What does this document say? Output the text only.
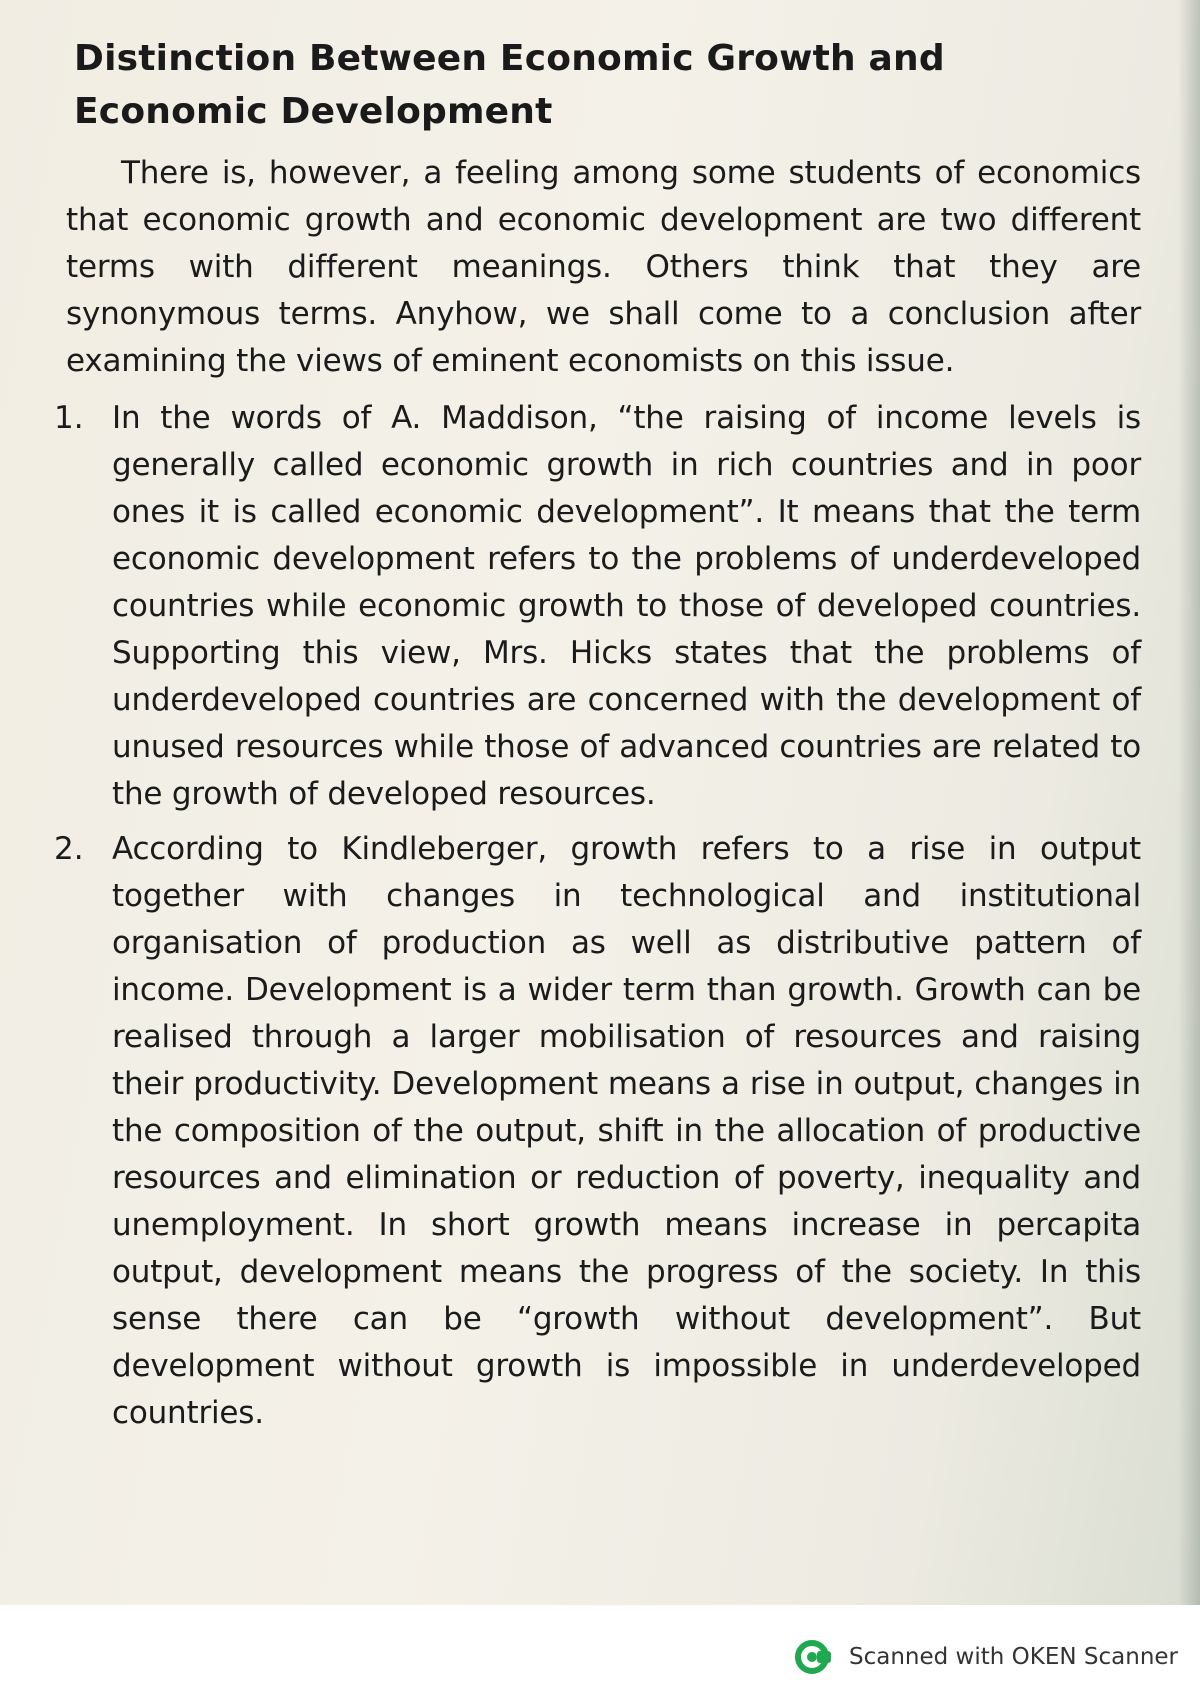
Distinction Between Economic Growth and Economic Development

There is, however, a feeling among some students of economics that economic growth and economic development are two different terms with different meanings. Others think that they are synonymous terms. Anyhow, we shall come to a conclusion after examining the views of eminent economists on this issue.

1. In the words of A. Maddison, “the raising of income levels is generally called economic growth in rich countries and in poor ones it is called economic development”. It means that the term economic development refers to the problems of underdeveloped countries while economic growth to those of developed countries. Supporting this view, Mrs. Hicks states that the problems of underdeveloped countries are concerned with the development of unused resources while those of advanced countries are related to the growth of developed resources.

2. According to Kindleberger, growth refers to a rise in output together with changes in technological and institutional organisation of production as well as distributive pattern of income. Development is a wider term than growth. Growth can be realised through a larger mobilisation of resources and raising their productivity. Development means a rise in output, changes in the composition of the output, shift in the allocation of productive resources and elimination or reduction of poverty, inequality and unemployment. In short growth means increase in percapita output, development means the progress of the society. In this sense there can be “growth without development”. But development without growth is impossible in underdeveloped countries.

Scanned with OKEN Scanner
